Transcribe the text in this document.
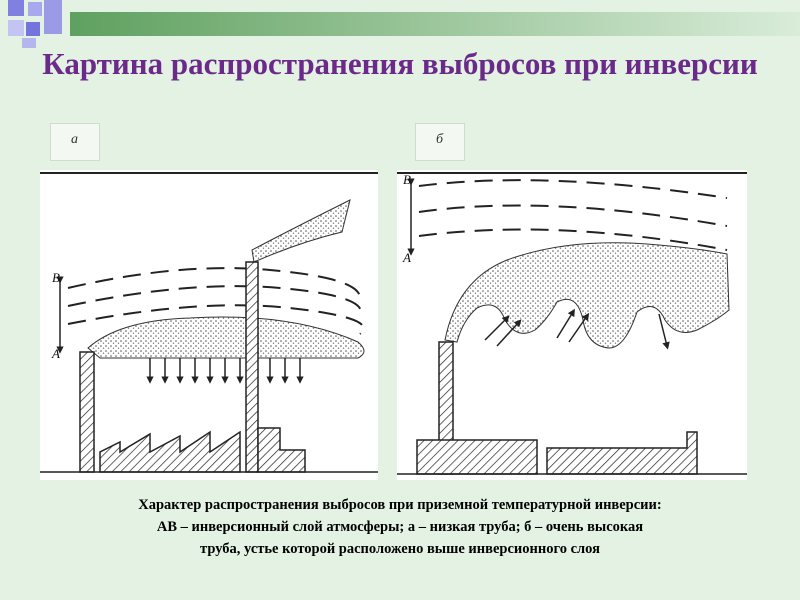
Картина распространения выбросов при инверсии
а	б
B
A
B
A
Характер распространения выбросов при приземной температурной инверсии:
АВ – инверсионный слой атмосферы; а – низкая труба; б – очень высокая
труба, устье которой расположено выше инверсионного слоя
